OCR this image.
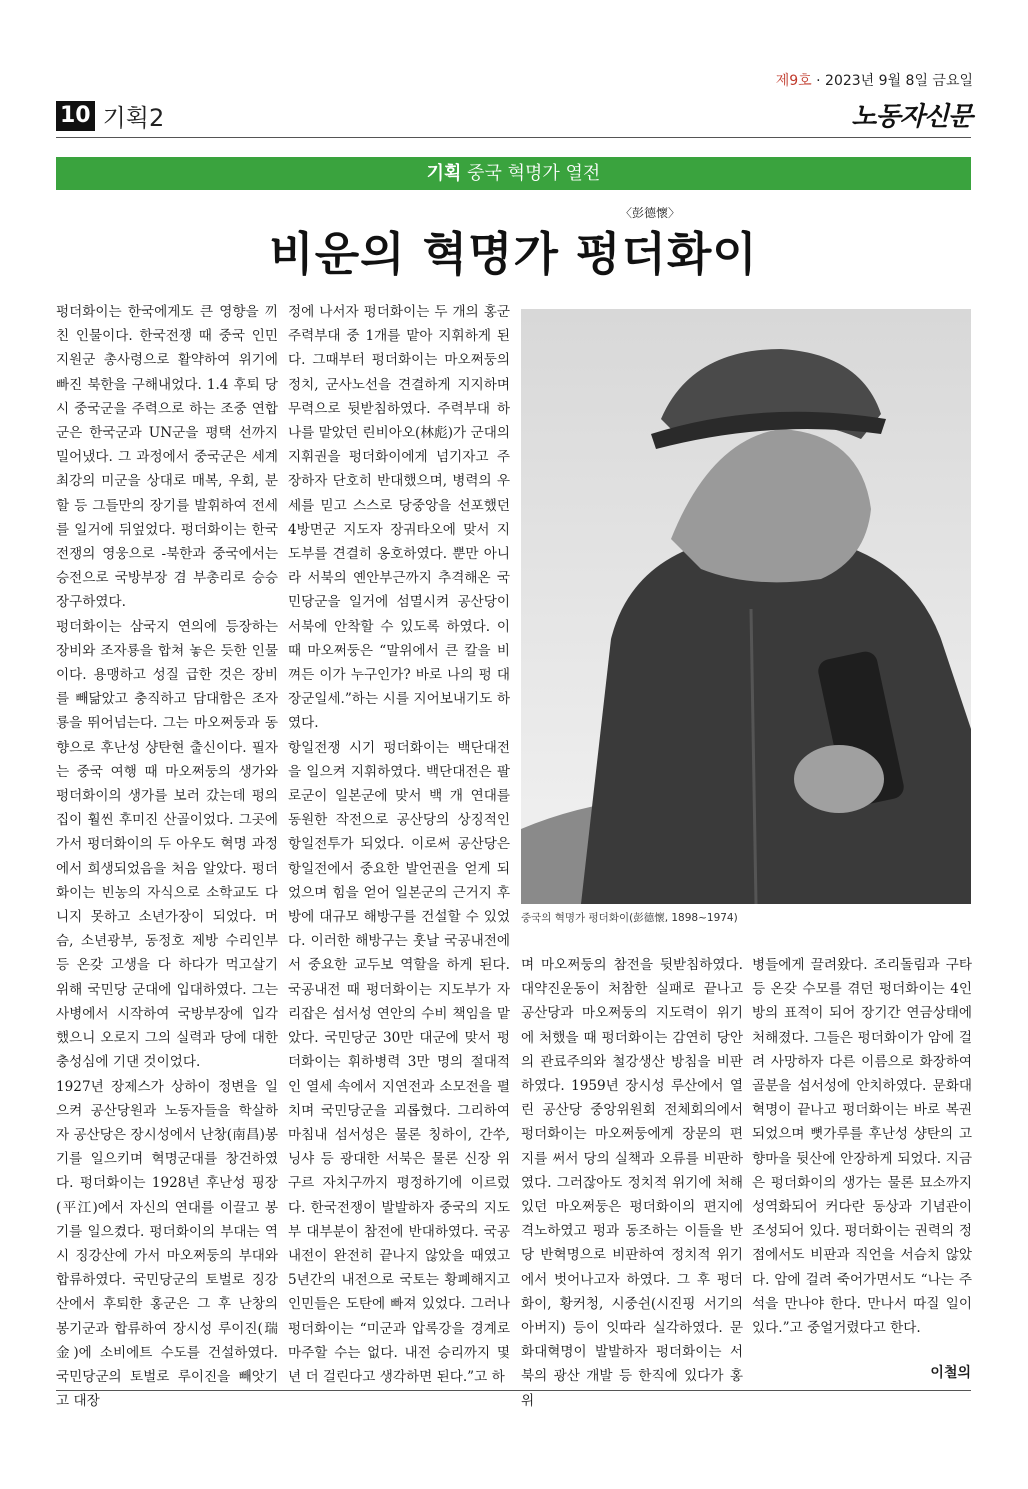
제9호 · 2023년 9월 8일 금요일
10 기획2	노동자신문
기획 중국 혁명가 열전
〈彭德懷〉
비운의 혁명가 펑더화이

펑더화이는 한국에게도 큰 영향을 끼친 인물이다. 한국전쟁 때 중국 인민지원군 총사령으로 활약하여 위기에 빠진 북한을 구해내었다. 1.4 후퇴 당시 중국군을 주력으로 하는 조중 연합군은 한국군과 UN군을 평택 선까지 밀어냈다. 그 과정에서 중국군은 세계 최강의 미군을 상대로 매복, 우회, 분할 등 그들만의 장기를 발휘하여 전세를 일거에 뒤엎었다. 펑더화이는 한국전쟁의 영웅으로 -북한과 중국에서는 승전으로 국방부장 겸 부총리로 승승장구하였다.

펑더화이는 삼국지 연의에 등장하는 장비와 조자룡을 합쳐 놓은 듯한 인물이다. 용맹하고 성질 급한 것은 장비를 빼닮았고 충직하고 담대함은 조자룡을 뛰어넘는다. 그는 마오쩌둥과 동향으로 후난성 샹탄현 출신이다. 필자는 중국 여행 때 마오쩌둥의 생가와 펑더화이의 생가를 보러 갔는데 펑의 집이 훨씬 후미진 산골이었다. 그곳에 가서 펑더화이의 두 아우도 혁명 과정에서 희생되었음을 처음 알았다. 펑더화이는 빈농의 자식으로 소학교도 다니지 못하고 소년가장이 되었다. 머슴, 소년광부, 동정호 제방 수리인부 등 온갖 고생을 다 하다가 먹고살기 위해 국민당 군대에 입대하였다. 그는 사병에서 시작하여 국방부장에 입각했으니 오로지 그의 실력과 당에 대한 충성심에 기댄 것이었다.

1927년 장제스가 상하이 정변을 일으켜 공산당원과 노동자들을 학살하자 공산당은 장시성에서 난창(南昌)봉기를 일으키며 혁명군대를 창건하였다. 펑더화이는 1928년 후난성 핑장(平江)에서 자신의 연대를 이끌고 봉기를 일으켰다. 펑더화이의 부대는 역시 징강산에 가서 마오쩌둥의 부대와 합류하였다. 국민당군의 토벌로 징강산에서 후퇴한 홍군은 그 후 난창의 봉기군과 합류하여 장시성 루이진(瑞金)에 소비에트 수도를 건설하였다. 국민당군의 토벌로 루이진을 빼앗기고 대장

정에 나서자 펑더화이는 두 개의 홍군 주력부대 중 1개를 맡아 지휘하게 된다. 그때부터 펑더화이는 마오쩌둥의 정치, 군사노선을 견결하게 지지하며 무력으로 뒷받침하였다. 주력부대 하나를 맡았던 린비아오(林彪)가 군대의 지휘권을 펑더화이에게 넘기자고 주장하자 단호히 반대했으며, 병력의 우세를 믿고 스스로 당중앙을 선포했던 4방면군 지도자 장궈타오에 맞서 지도부를 견결히 옹호하였다. 뿐만 아니라 서북의 옌안부근까지 추격해온 국민당군을 일거에 섬멸시켜 공산당이 서북에 안착할 수 있도록 하였다. 이때 마오쩌둥은 “말위에서 큰 칼을 비껴든 이가 누구인가? 바로 나의 펑 대장군일세.”하는 시를 지어보내기도 하였다.

항일전쟁 시기 펑더화이는 백단대전을 일으켜 지휘하였다. 백단대전은 팔로군이 일본군에 맞서 백 개 연대를 동원한 작전으로 공산당의 상징적인 항일전투가 되었다. 이로써 공산당은 항일전에서 중요한 발언권을 얻게 되었으며 힘을 얻어 일본군의 근거지 후방에 대규모 해방구를 건설할 수 있었다. 이러한 해방구는 훗날 국공내전에서 중요한 교두보 역할을 하게 된다. 국공내전 때 펑더화이는 지도부가 자리잡은 섬서성 연안의 수비 책임을 맡았다. 국민당군 30만 대군에 맞서 펑더화이는 휘하병력 3만 명의 절대적인 열세 속에서 지연전과 소모전을 펼치며 국민당군을 괴롭혔다. 그리하여 마침내 섬서성은 물론 칭하이, 간쑤, 닝샤 등 광대한 서북은 물론 신장 위구르 자치구까지 평정하기에 이르렀다. 한국전쟁이 발발하자 중국의 지도부 대부분이 참전에 반대하였다. 국공내전이 완전히 끝나지 않았을 때였고 5년간의 내전으로 국토는 황폐해지고 인민들은 도탄에 빠져 있었다. 그러나 펑더화이는 “미군과 압록강을 경계로 마주할 수는 없다. 내전 승리까지 몇 년 더 걸린다고 생각하면 된다.”고 하

중국의 혁명가 펑더화이(彭德懷, 1898~1974)

며 마오쩌둥의 참전을 뒷받침하였다. 대약진운동이 처참한 실패로 끝나고 공산당과 마오쩌둥의 지도력이 위기에 처했을 때 펑더화이는 감연히 당안의 관료주의와 철강생산 방침을 비판하였다. 1959년 장시성 루산에서 열린 공산당 중앙위원회 전체회의에서 펑더화이는 마오쩌둥에게 장문의 편지를 써서 당의 실책과 오류를 비판하였다. 그러잖아도 정치적 위기에 처해있던 마오쩌둥은 펑더화이의 편지에 격노하였고 펑과 동조하는 이들을 반당 반혁명으로 비판하여 정치적 위기에서 벗어나고자 하였다. 그 후 펑더화이, 황커청, 시중쉰(시진핑 서기의 아버지) 등이 잇따라 실각하였다. 문화대혁명이 발발하자 펑더화이는 서북의 광산 개발 등 한직에 있다가 홍위

병들에게 끌려왔다. 조리돌림과 구타 등 온갖 수모를 겪던 펑더화이는 4인방의 표적이 되어 장기간 연금상태에 처해졌다. 그들은 펑더화이가 암에 걸려 사망하자 다른 이름으로 화장하여 골분을 섬서성에 안치하였다. 문화대혁명이 끝나고 펑더화이는 바로 복권되었으며 뼛가루를 후난성 샹탄의 고향마을 뒷산에 안장하게 되었다. 지금은 펑더화이의 생가는 물론 묘소까지 성역화되어 커다란 동상과 기념관이 조성되어 있다. 펑더화이는 권력의 정점에서도 비판과 직언을 서슴치 않았다. 암에 걸려 죽어가면서도 “나는 주석을 만나야 한다. 만나서 따질 일이 있다.”고 중얼거렸다고 한다.

이철의
